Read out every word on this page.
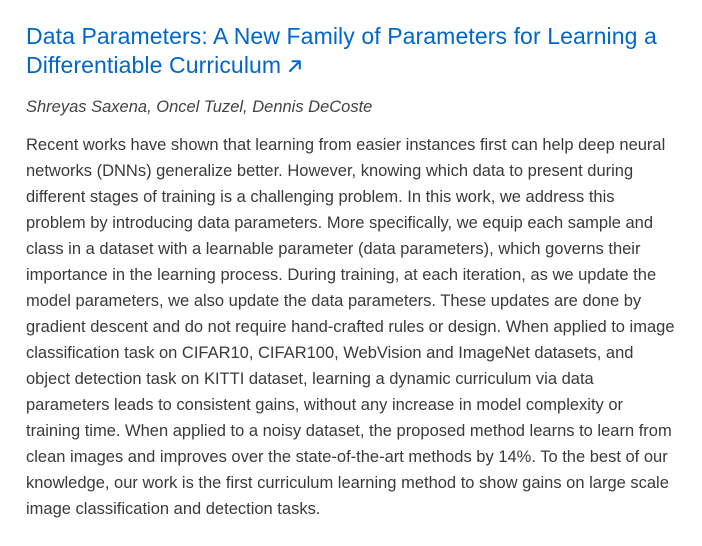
Data Parameters: A New Family of Parameters for Learning a Differentiable Curriculum
Shreyas Saxena, Oncel Tuzel, Dennis DeCoste

Recent works have shown that learning from easier instances first can help deep neural networks (DNNs) generalize better. However, knowing which data to present during different stages of training is a challenging problem. In this work, we address this problem by introducing data parameters. More specifically, we equip each sample and class in a dataset with a learnable parameter (data parameters), which governs their importance in the learning process. During training, at each iteration, as we update the model parameters, we also update the data parameters. These updates are done by gradient descent and do not require hand-crafted rules or design. When applied to image classification task on CIFAR10, CIFAR100, WebVision and ImageNet datasets, and object detection task on KITTI dataset, learning a dynamic curriculum via data parameters leads to consistent gains, without any increase in model complexity or training time. When applied to a noisy dataset, the proposed method learns to learn from clean images and improves over the state-of-the-art methods by 14%. To the best of our knowledge, our work is the first curriculum learning method to show gains on large scale image classification and detection tasks.
